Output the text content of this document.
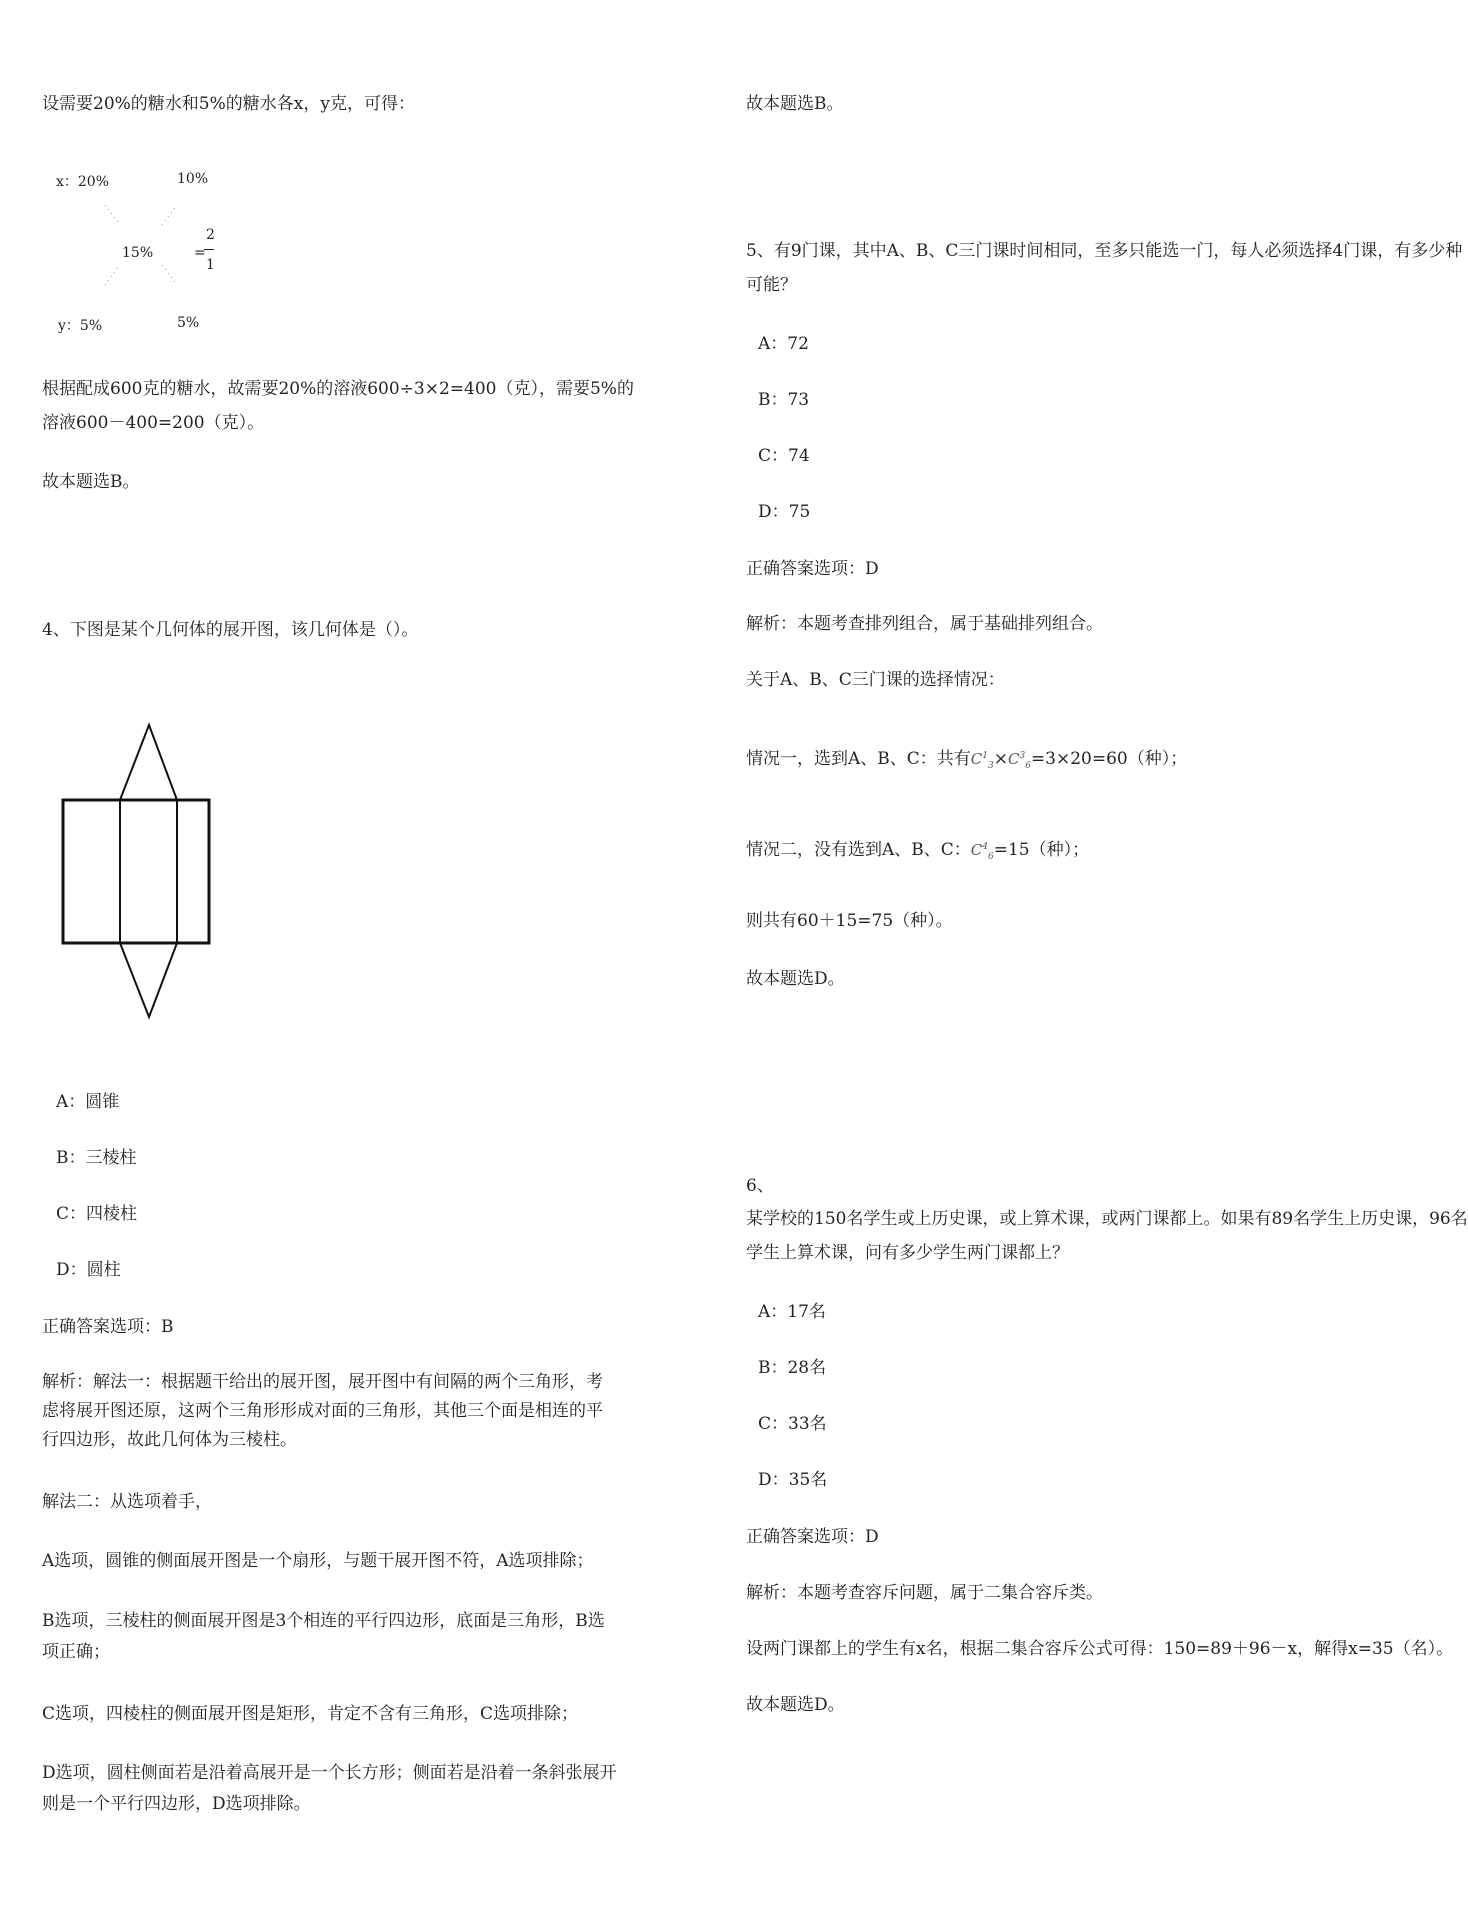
设需要20%的糖水和5%的糖水各x，y克，可得：
x：20%	10%
15%	=
2
1
y：5%	5%
根据配成600克的糖水，故需要20%的溶液600÷3×2=400（克），需要5%的
溶液600－400=200（克）。
故本题选B。
4、下图是某个几何体的展开图，该几何体是（）。
A：圆锥
B：三棱柱
C：四棱柱
D：圆柱
正确答案选项：B
解析：解法一：根据题干给出的展开图，展开图中有间隔的两个三角形，考
虑将展开图还原，这两个三角形形成对面的三角形，其他三个面是相连的平
行四边形，故此几何体为三棱柱。
解法二：从选项着手，
A选项，圆锥的侧面展开图是一个扇形，与题干展开图不符，A选项排除；
B选项，三棱柱的侧面展开图是3个相连的平行四边形，底面是三角形，B选
项正确；
C选项，四棱柱的侧面展开图是矩形，肯定不含有三角形，C选项排除；
D选项，圆柱侧面若是沿着高展开是一个长方形；侧面若是沿着一条斜张展开
则是一个平行四边形，D选项排除。
故本题选B。
5、有9门课，其中A、B、C三门课时间相同，至多只能选一门，每人必须选择4门课，有多少种
可能？
A：72
B：73
C：74
D：75
正确答案选项：D
解析：本题考查排列组合，属于基础排列组合。
关于A、B、C三门课的选择情况：
情况一，选到A、B、C：共有$C^1_3\times C^3_6=3\times 20=60$（种）；
情况二，没有选到A、B、C：$C^4_6=15$（种）；
则共有60＋15=75（种）。
故本题选D。
6、
某学校的150名学生或上历史课，或上算术课，或两门课都上。如果有89名学生上历史课，96名
学生上算术课，问有多少学生两门课都上？
A：17名
B：28名
C：33名
D：35名
正确答案选项：D
解析：本题考查容斥问题，属于二集合容斥类。
设两门课都上的学生有x名，根据二集合容斥公式可得：150=89＋96－x，解得x=35（名）。
故本题选D。
